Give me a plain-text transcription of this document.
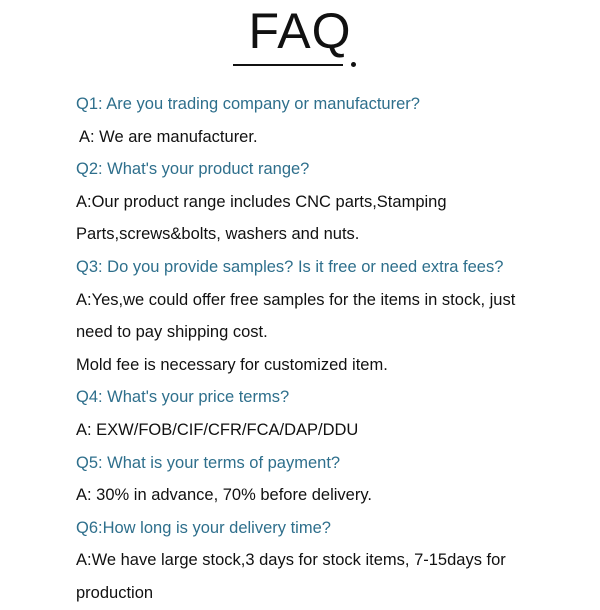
FAQ
Q1: Are you trading company or manufacturer?
A: We are manufacturer.
Q2: What's your product range?
A:Our product range includes CNC parts,Stamping
Parts,screws&bolts, washers and nuts.
Q3: Do you provide samples? Is it free or need extra fees?
A:Yes,we could offer free samples for the items in stock, just
need to pay shipping cost.
Mold fee is necessary for customized item.
Q4: What's your price terms?
A: EXW/FOB/CIF/CFR/FCA/DAP/DDU
Q5: What is your terms of payment?
A: 30% in advance, 70% before delivery.
Q6:How long is your delivery time?
A:We have large stock,3 days for stock items, 7-15days for
production
